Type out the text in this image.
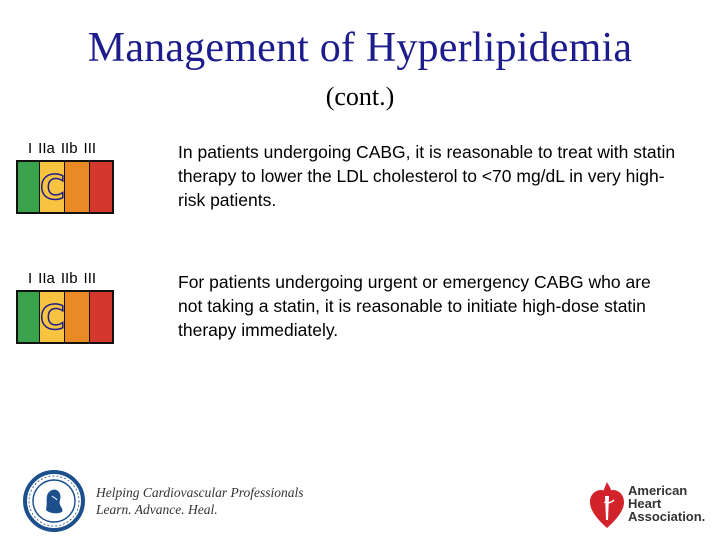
Management of Hyperlipidemia
(cont.)
I IIa IIb III
C
In patients undergoing CABG, it is reasonable to treat with statin therapy to lower the LDL cholesterol to <70 mg/dL in very high-risk patients.
I IIa IIb III
C
For patients undergoing urgent or emergency CABG who are not taking a statin, it is reasonable to initiate high-dose statin therapy immediately.
Helping Cardiovascular Professionals
Learn. Advance. Heal.
American
Heart
Association.
